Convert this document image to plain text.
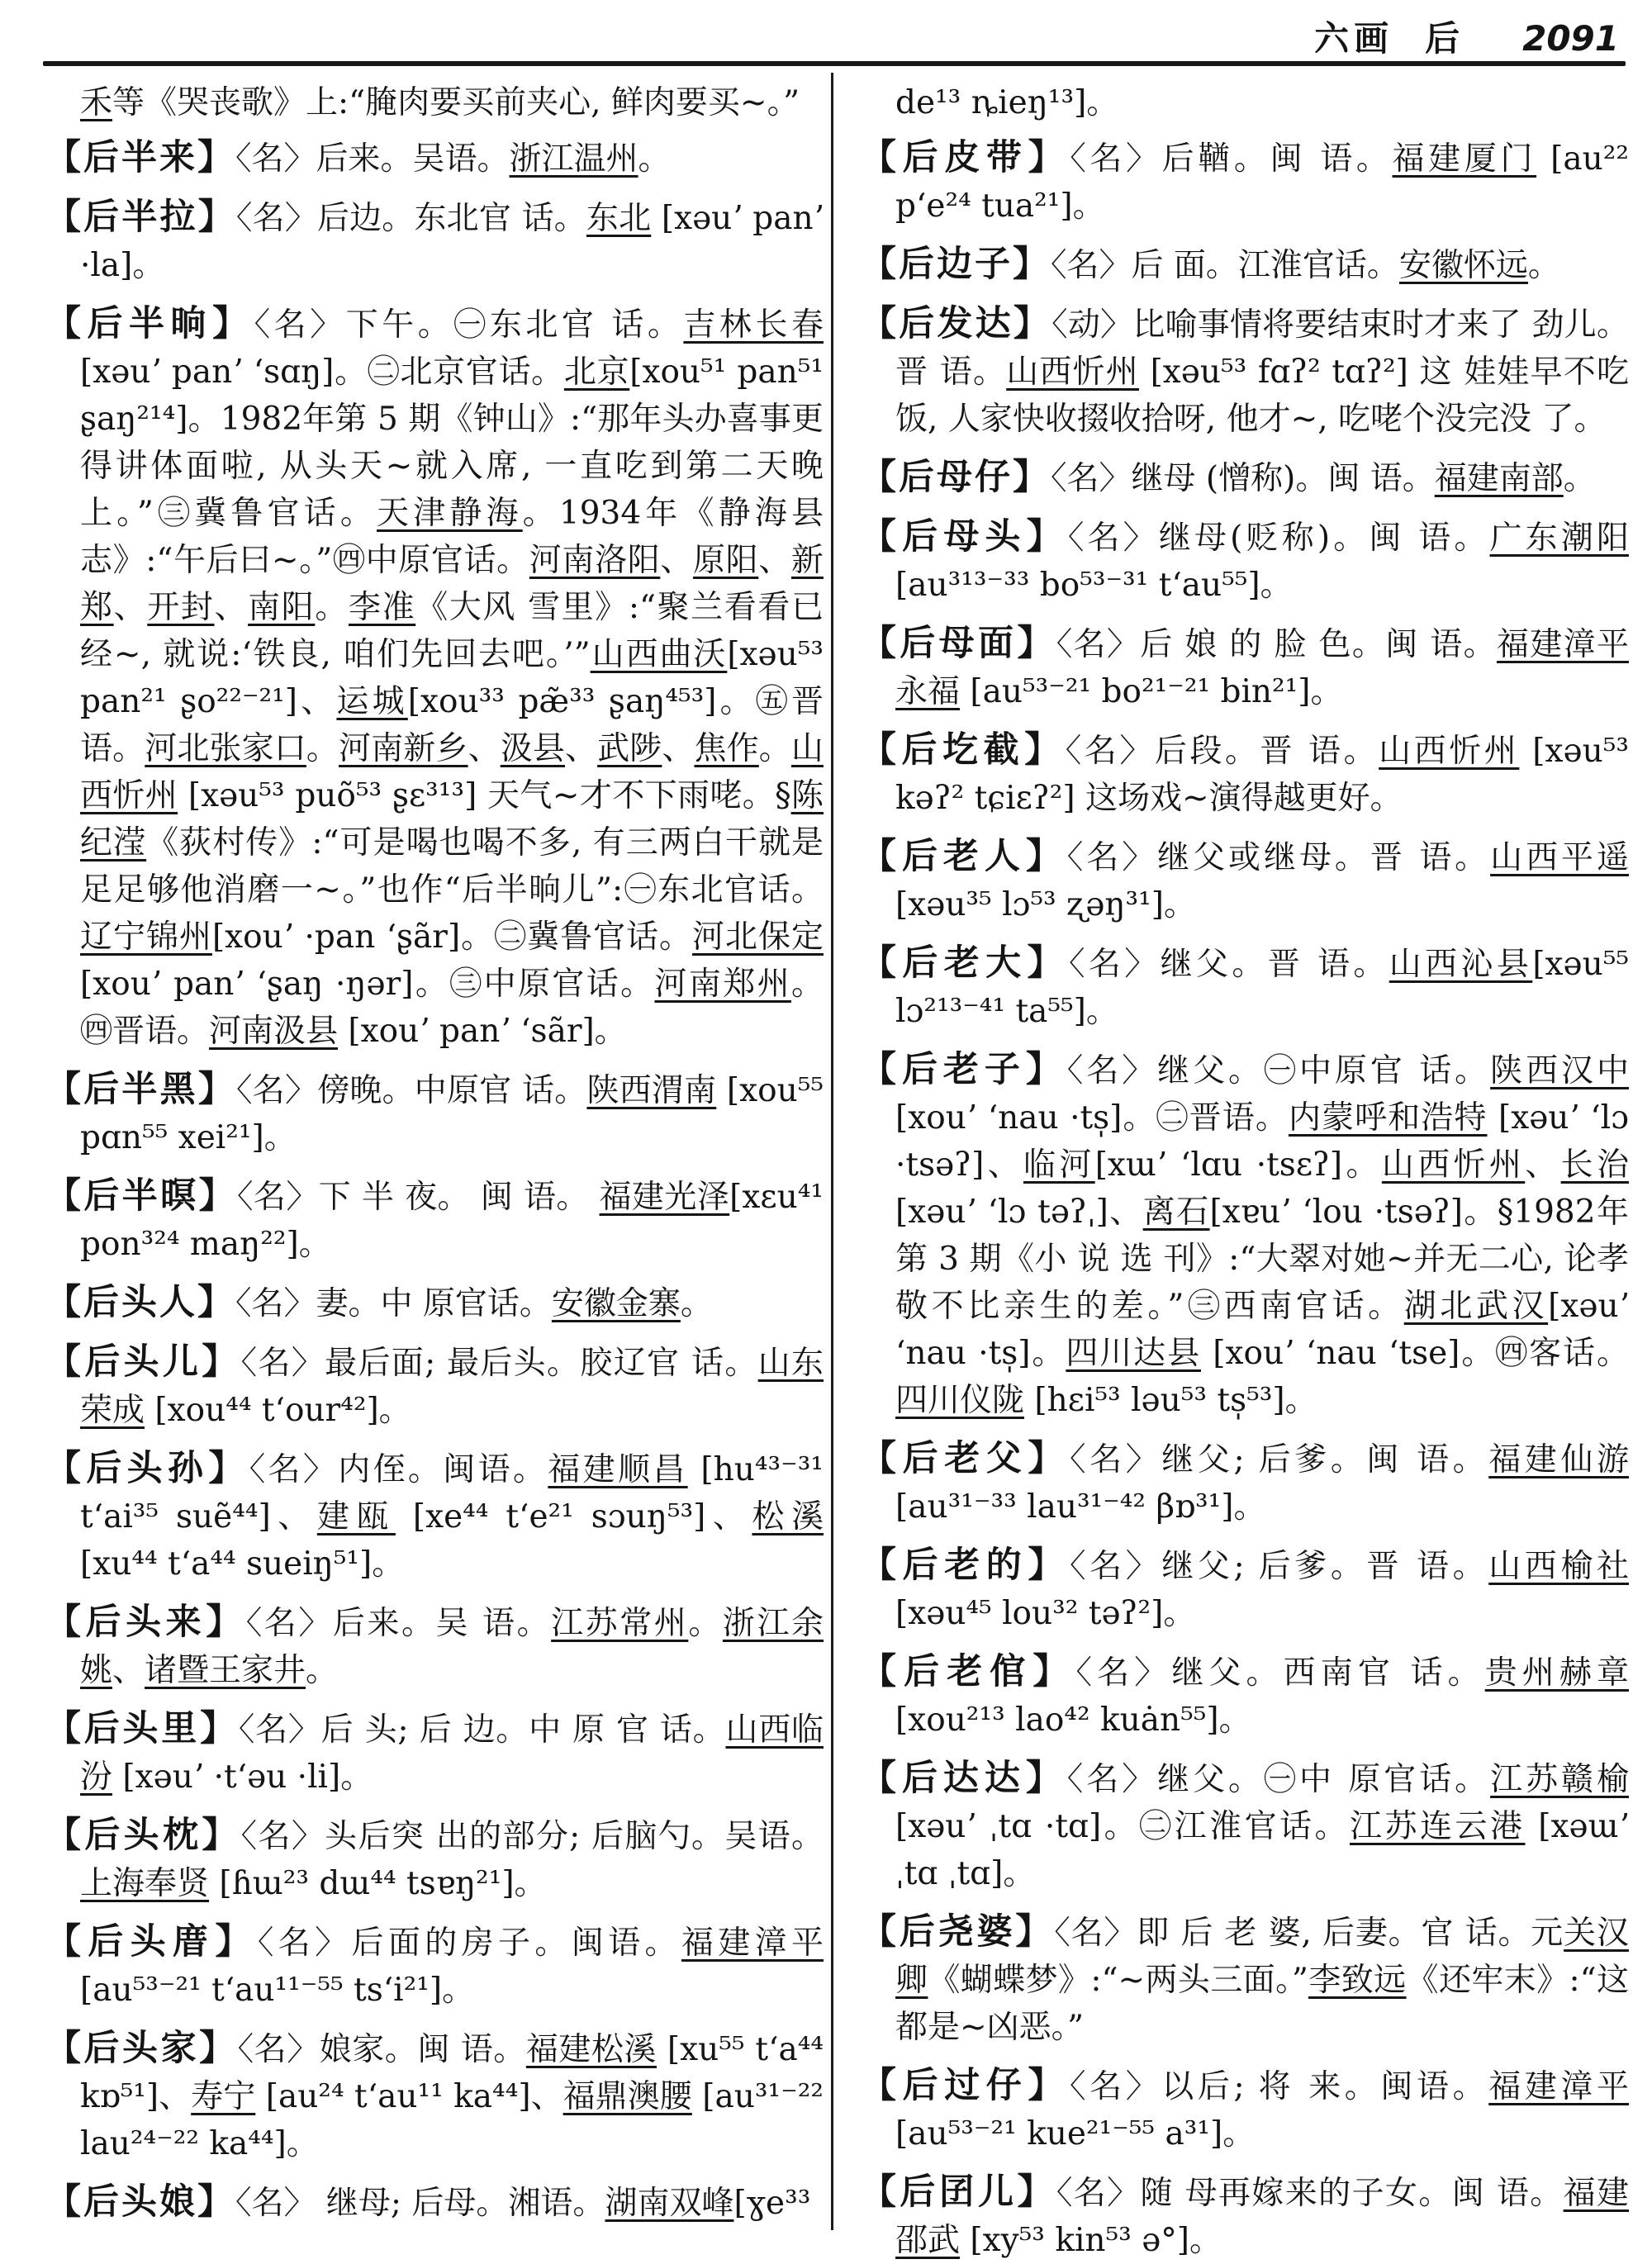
六画 后 2091
禾等《哭丧歌》上:“腌肉要买前夹心, 鲜肉要买~。”
【后半来】〈名〉后来。吴语。浙江温州。
【后半拉】〈名〉后边。东北官 话。东北 [xəuʼ panʼ ·la]。
【后半晌】〈名〉下午。㊀东北官 话。吉林长春 [xəuʼ panʼ ʻsɑŋ]。㊁北京官话。北京[xou⁵¹ pan⁵¹ ʂaŋ²¹⁴]。1982年第 5 期《钟山》:“那年头办喜事更得讲体面啦, 从头天~就入席, 一直吃到第二天晚上。”㊂冀鲁官话。天津静海。1934年《静海县志》:“午后曰~。”㊃中原官话。河南洛阳、原阳、新郑、开封、南阳。李准《大风 雪里》:“聚兰看看已经~, 就说:‘铁良, 咱们先回去吧。’”山西曲沃[xəu⁵³ pan²¹ ʂo²²⁻²¹]、运城[xou³³ pæ̃³³ ʂaŋ⁴⁵³]。㊄晋 语。河北张家口。河南新乡、汲县、武陟、焦作。山西忻州 [xəu⁵³ puõ⁵³ ʂɛ³¹³] 天气~才不下雨咾。§陈纪滢《荻村传》:“可是喝也喝不多, 有三两白干就是足足够他消磨一~。”也作“后半晌儿”:㊀东北官话。辽宁锦州[xouʼ ·pan ʻʂãr]。㊁冀鲁官话。河北保定[xouʼ panʼ ʻʂaŋ ·ŋər]。㊂中原官话。河南郑州。㊃晋语。河南汲县 [xouʼ panʼ ʻsãr]。
【后半黑】〈名〉傍晚。中原官 话。陕西渭南 [xou⁵⁵ pɑn⁵⁵ xei²¹]。
【后半暝】〈名〉下 半 夜。 闽 语。 福建光泽[xɛu⁴¹ pon³²⁴ maŋ²²]。
【后头人】〈名〉妻。中 原官话。安徽金寨。
【后头儿】〈名〉最后面; 最后头。胶辽官 话。山东荣成 [xou⁴⁴ tʻour⁴²]。
【后头孙】〈名〉内侄。闽语。福建顺昌 [hu⁴³⁻³¹ tʻai³⁵ suẽ⁴⁴]、建瓯 [xe⁴⁴ tʻe²¹ sɔuŋ⁵³]、松溪 [xu⁴⁴ tʻa⁴⁴ sueiŋ⁵¹]。
【后头来】〈名〉后来。吴 语。江苏常州。浙江余姚、诸暨王家井。
【后头里】〈名〉后 头; 后 边。中 原 官 话。山西临汾 [xəuʼ ·tʻəu ·li]。
【后头枕】〈名〉头后突 出的部分; 后脑勺。吴语。上海奉贤 [ɦɯ²³ dɯ⁴⁴ tsɐŋ²¹]。
【后头庴】〈名〉后面的房子。闽语。福建漳平[au⁵³⁻²¹ tʻau¹¹⁻⁵⁵ tsʻi²¹]。
【后头家】〈名〉娘家。闽 语。福建松溪 [xu⁵⁵ tʻa⁴⁴ kɒ⁵¹]、寿宁 [au²⁴ tʻau¹¹ ka⁴⁴]、福鼎澳腰 [au³¹⁻²² lau²⁴⁻²² ka⁴⁴]。
【后头娘】〈名〉 继母; 后母。湘语。湖南双峰[ɣe³³
de¹³ ȵieŋ¹³]。
【后皮带】〈名〉后鞧。闽 语。福建厦门 [au²² pʻe²⁴ tua²¹]。
【后边子】〈名〉后 面。江淮官话。安徽怀远。
【后发达】〈动〉比喻事情将要结束时才来了 劲儿。晋 语。山西忻州 [xəu⁵³ fɑʔ² tɑʔ²] 这 娃娃早不吃饭, 人家快收掇收拾呀, 他才~, 吃咾个没完没 了。
【后母仔】〈名〉继母 (憎称)。闽 语。福建南部。
【后母头】〈名〉继母(贬称)。闽 语。广东潮阳[au³¹³⁻³³ bo⁵³⁻³¹ tʻau⁵⁵]。
【后母面】〈名〉后 娘 的 脸 色。闽 语。福建漳平永福 [au⁵³⁻²¹ bo²¹⁻²¹ bin²¹]。
【后圪截】〈名〉后段。晋 语。山西忻州 [xəu⁵³ kəʔ² tɕiɛʔ²] 这场戏~演得越更好。
【后老人】〈名〉继父或继母。晋 语。山西平遥[xəu³⁵ lɔ⁵³ ʐəŋ³¹]。
【后老大】〈名〉继父。晋 语。山西沁县[xəu⁵⁵ lɔ²¹³⁻⁴¹ ta⁵⁵]。
【后老子】〈名〉继父。㊀中原官 话。陕西汉中 [xouʼ ʻnau ·ts̩]。㊁晋语。内蒙呼和浩特 [xəuʼ ʻlɔ ·tsəʔ]、临河[xɯʼ ʻlɑu ·tsɛʔ]。山西忻州、长治 [xəuʼ ʻlɔ təʔˌ]、离石[xɐuʼ ʻlou ·tsəʔ]。§1982年第 3 期《小 说 选 刊》:“大翠对她~并无二心, 论孝敬不比亲生的差。”㊂西南官话。湖北武汉[xəuʼ ʻnau ·ts̩]。四川达县 [xouʼ ʻnau ʻtse]。㊃客话。四川仪陇 [hɛi⁵³ ləu⁵³ ts̩⁵³]。
【后老父】〈名〉继父; 后爹。闽 语。福建仙游 [au³¹⁻³³ lau³¹⁻⁴² βɒ³¹]。
【后老的】〈名〉继父; 后爹。晋 语。山西榆社 [xəu⁴⁵ lou³² təʔ²]。
【后老倌】〈名〉继父。西南官 话。贵州赫章 [xou²¹³ lao⁴² kuȧn⁵⁵]。
【后达达】〈名〉继父。㊀中 原官话。江苏赣榆 [xəuʼ ˌtɑ ·tɑ]。㊁江淮官话。江苏连云港 [xəɯʼ ˌtɑ ˌtɑ]。
【后尧婆】〈名〉即 后 老 婆, 后妻。官 话。元关汉卿《蝴蝶梦》:“~两头三面。”李致远《还牢末》:“这都是~凶恶。”
【后过仔】〈名〉以后; 将 来。闽语。福建漳平 [au⁵³⁻²¹ kue²¹⁻⁵⁵ a³¹]。
【后囝儿】〈名〉随 母再嫁来的子女。闽 语。福建邵武 [xy⁵³ kin⁵³ ə°]。
